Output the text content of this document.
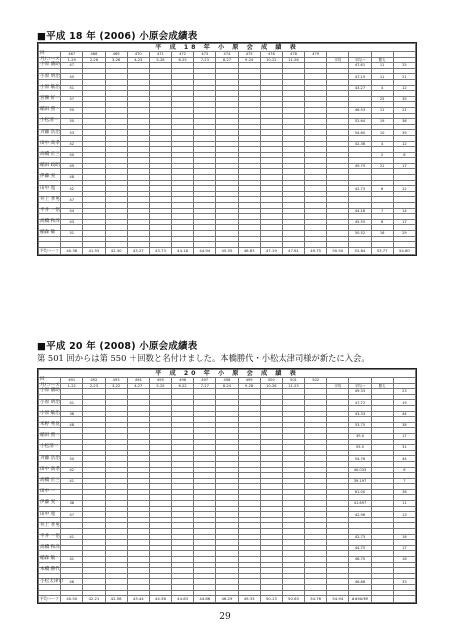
■平成 18 年 (2006) 小原会成績表
平 成 18 年 小 原 会 成 績 表																
回	467	468	469	470	471	472	473	474	475	476	478	479				
月/コース	1-29	2-26	3-26	4-23	5-28	6-25	7-23	8-27	9-24	10-22	11-26		平均	平均ハ	勝ち	
小原 儀助	47													47.61	11	25

小原 明治	45													47.19	11	21

小原 敏治	51													43.27	4	12

宮腰 好一	57														25	35

稲田 照一	50													46.53	11	21

小松清一	50													52.64	19	36

斉藤 浩治	53													54.60	10	39

田中 高孝	42													42.36	4	12

高橋 正三	40														2	6

稲田 政昭	49													49.75	21	17

伊藤 実	48															

田中 寛	42													42.73	6	12

井上 孝男	47															

平井 一悟	44													44.18	7	14

高橋 和洋	43													45.55	8	17

稲森 敏	51													50.52	16	29

平均ハーフ	40.36	41.55	42.30	43.27	43.73	44.18	44.94	45.55	46.63	47.19	47.61	49.75	50.50	52.64	53.77	54.60
■平成 20 年 (2008) 小原会成績表
第 501 回からは第 550 ＋回数と名付けました。本橋勝代・小松太津司様が新たに入会。
平 成 20 年 小 原 会 成 績 表																
回	491	492	493	494	495	496	497	498	499	500	501	502				
月/コース	1-22	2-23	3-22	4-27	5-25	6-22	7-27	8-24	9-28	10-26	11-23		平均	平均ハ	勝ち	
小原 儀助														49.33		23

小原 明治	41													47.72		19

小原 敏治	38													43.33		44

米野 秀見	48													53.75		38

稲田 照一														39.0		17

小松清一														55.5		31

斉藤 浩治	50													54.76		44

田中 高孝	42													40.033		6

高橋 正三	41													39.197		7

田中 一														61.00		36

伊藤 実	38													41.697		11

田中 寛	47													42.96		13

井上 孝男																

平井 一悟	41													42.73		16

高橋 和洋														44.75		17

稲森 敏	41													46.70		18

本橋 勝代																

小松太津司	48													46.88		33

平均ハーフ	40.50	42.21	42.56	43.44	44.36	44.63	44.86	46.29	49.33	50.13	50.63	54.76	54.94	##NUM!		
29
